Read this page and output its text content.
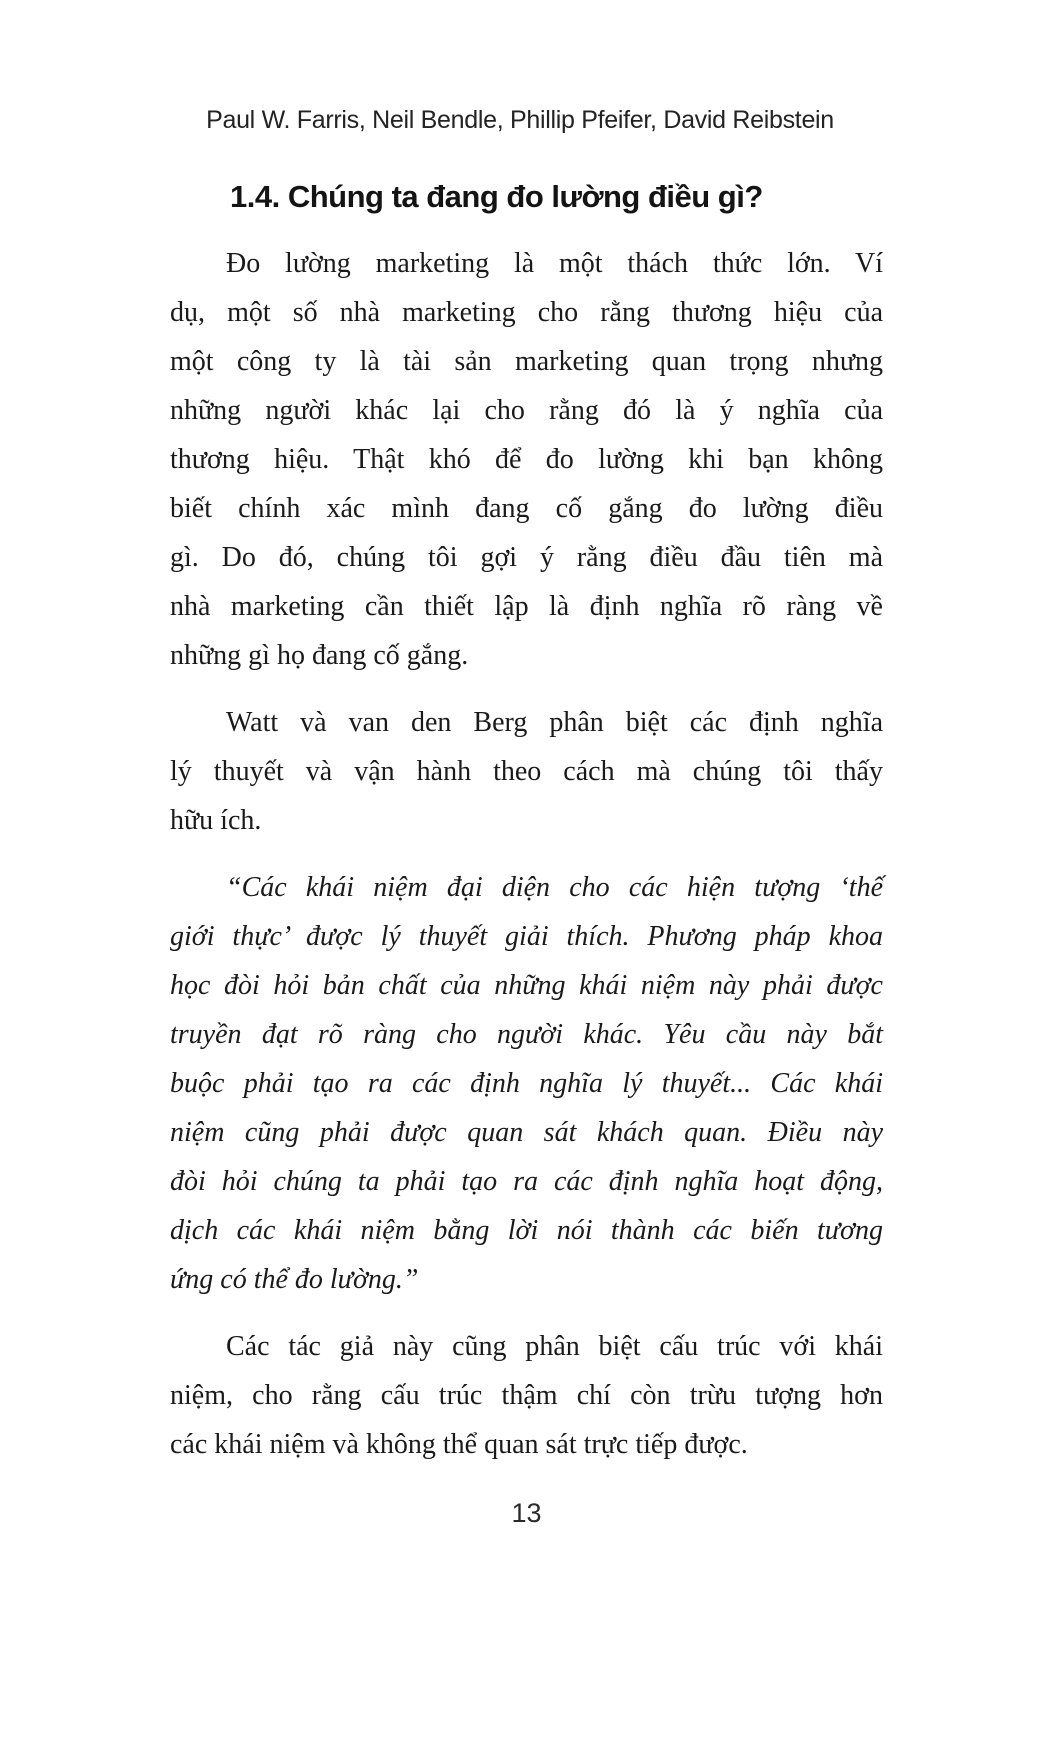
Paul W. Farris, Neil Bendle, Phillip Pfeifer, David Reibstein
1.4. Chúng ta đang đo lường điều gì?
Đo lường marketing là một thách thức lớn. Ví
dụ, một số nhà marketing cho rằng thương hiệu của
một công ty là tài sản marketing quan trọng nhưng
những người khác lại cho rằng đó là ý nghĩa của
thương hiệu. Thật khó để đo lường khi bạn không
biết chính xác mình đang cố gắng đo lường điều
gì. Do đó, chúng tôi gợi ý rằng điều đầu tiên mà
nhà marketing cần thiết lập là định nghĩa rõ ràng về
những gì họ đang cố gắng.
Watt và van den Berg phân biệt các định nghĩa
lý thuyết và vận hành theo cách mà chúng tôi thấy
hữu ích.
“Các khái niệm đại diện cho các hiện tượng ‘thế
giới thực’ được lý thuyết giải thích. Phương pháp khoa
học đòi hỏi bản chất của những khái niệm này phải được
truyền đạt rõ ràng cho người khác. Yêu cầu này bắt
buộc phải tạo ra các định nghĩa lý thuyết... Các khái
niệm cũng phải được quan sát khách quan. Điều này
đòi hỏi chúng ta phải tạo ra các định nghĩa hoạt động,
dịch các khái niệm bằng lời nói thành các biến tương
ứng có thể đo lường.”
Các tác giả này cũng phân biệt cấu trúc với khái
niệm, cho rằng cấu trúc thậm chí còn trừu tượng hơn
các khái niệm và không thể quan sát trực tiếp được.
13
